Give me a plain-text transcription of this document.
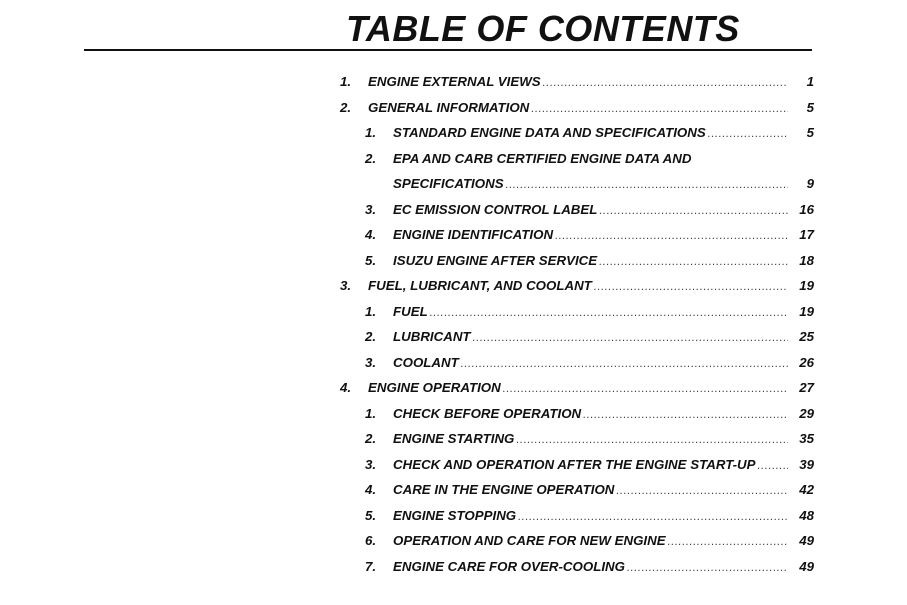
TABLE OF CONTENTS
1.	ENGINE EXTERNAL VIEWS .....	1
2.	GENERAL INFORMATION .....	5
1.	STANDARD ENGINE DATA AND SPECIFICATIONS .....	5
2.	EPA AND CARB CERTIFIED ENGINE DATA AND
SPECIFICATIONS .....	9
3.	EC EMISSION CONTROL LABEL .....	16
4.	ENGINE IDENTIFICATION .....	17
5.	ISUZU ENGINE AFTER SERVICE .....	18
3.	FUEL, LUBRICANT, AND COOLANT .....	19
1.	FUEL .....	19
2.	LUBRICANT .....	25
3.	COOLANT .....	26
4.	ENGINE OPERATION .....	27
1.	CHECK BEFORE OPERATION .....	29
2.	ENGINE STARTING .....	35
3.	CHECK AND OPERATION AFTER THE ENGINE START-UP .....	39
4.	CARE IN THE ENGINE OPERATION .....	42
5.	ENGINE STOPPING .....	48
6.	OPERATION AND CARE FOR NEW ENGINE .....	49
7.	ENGINE CARE FOR OVER-COOLING .....	49
